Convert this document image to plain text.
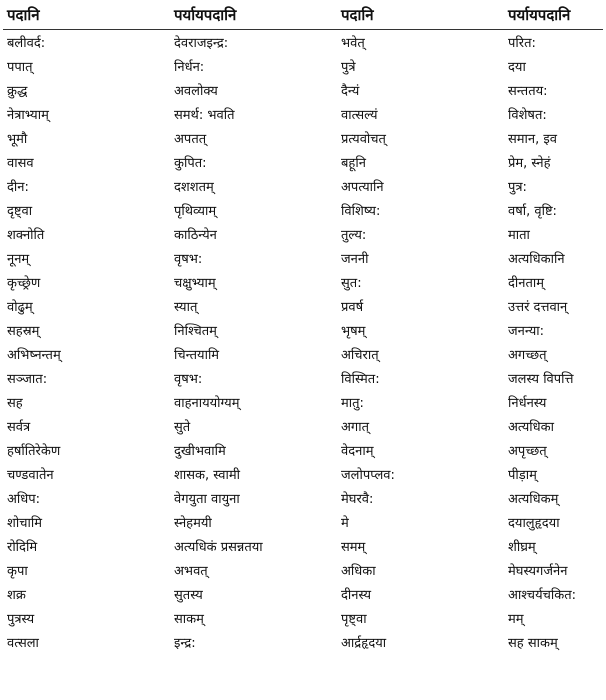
पदानि	पर्यायपदानि	पदानि	पर्यायपदानि
बलीवर्द:	देवराजइन्द्र:	भवेत्	परित:
पपात्	निर्धन:	पुत्रे	दया
क्रुद्ध	अवलोक्य	दैन्यं	सन्ततय:
नेत्राभ्याम्	समर्थ: भवति	वात्सल्यं	विशेषत:
भूमौ	अपतत्	प्रत्यवोचत्	समान, इव
वासव	कुपित:	बहूनि	प्रेम, स्नेहं
दीन:	दशशतम्	अपत्यानि	पुत्र:
दृष्ट्वा	पृथिव्याम्	विशिष्य:	वर्षा, वृष्टि:
शक्नोति	काठिन्येन	तुल्य:	माता
नूनम्	वृषभ:	जननी	अत्यधिकानि
कृच्छ्रेण	चक्षुभ्याम्	सुत:	दीनताम्
वोढुम्	स्यात्	प्रवर्ष	उत्तरं दत्तवान्
सहस्रम्	निश्चितम्	भृषम्	जनन्या:
अभिष्नन्तम्	चिन्तयामि	अचिरात्	अगच्छत्
सञ्जात:	वृषभ:	विस्मित:	जलस्य विपत्ति
सह	वाहनाययोग्यम्	मातु:	निर्धनस्य
सर्वत्र	सुते	अगात्	अत्यधिका
हर्षातिरेकेण	दुखीभवामि	वेदनाम्	अपृच्छत्
चण्डवातेन	शासक, स्वामी	जलोपप्लव:	पीड़ाम्
अधिप:	वेगयुता वायुना	मेघरवै:	अत्यधिकम्
शोचामि	स्नेहमयी	मे	दयालुहृदया
रोदिमि	अत्यधिकं प्रसन्नतया	समम्	शीघ्रम्
कृपा	अभवत्	अधिका	मेघस्यगर्जनेन
शक्र	सुतस्य	दीनस्य	आश्चर्यचकित:
पुत्रस्य	साकम्	पृष्ट्वा	मम्
वत्सला	इन्द्र:	आर्द्रहृदया	सह साकम्
